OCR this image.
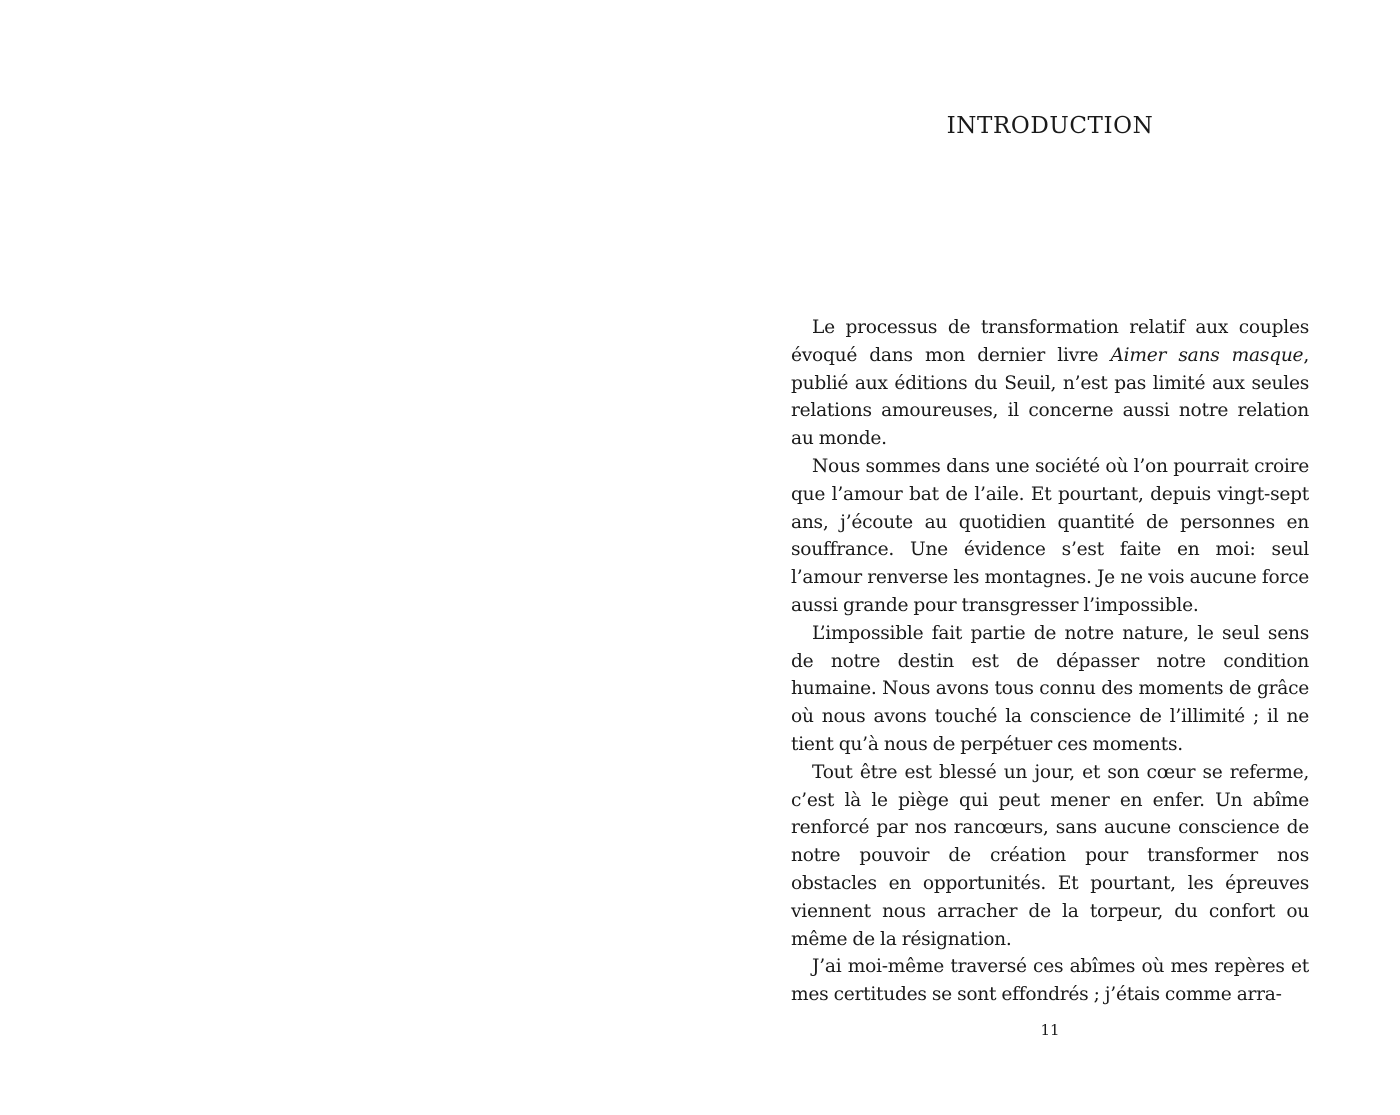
INTRODUCTION

Le processus de transformation relatif aux couples évoqué dans mon dernier livre Aimer sans masque, publié aux éditions du Seuil, n’est pas limité aux seules relations amoureuses, il concerne aussi notre relation au monde.

Nous sommes dans une société où l’on pourrait croire que l’amour bat de l’aile. Et pourtant, depuis vingt-sept ans, j’écoute au quotidien quantité de personnes en souffrance. Une évidence s’est faite en moi: seul l’amour renverse les montagnes. Je ne vois aucune force aussi grande pour transgresser l’impossible.

L’impossible fait partie de notre nature, le seul sens de notre destin est de dépasser notre condition humaine. Nous avons tous connu des moments de grâce où nous avons touché la conscience de l’illimité ; il ne tient qu’à nous de perpétuer ces moments.

Tout être est blessé un jour, et son cœur se referme, c’est là le piège qui peut mener en enfer. Un abîme renforcé par nos rancœurs, sans aucune conscience de notre pouvoir de création pour transformer nos obstacles en opportunités. Et pourtant, les épreuves viennent nous arracher de la torpeur, du confort ou même de la résignation.

J’ai moi-même traversé ces abîmes où mes repères et mes certitudes se sont effondrés ; j’étais comme arra-

11
